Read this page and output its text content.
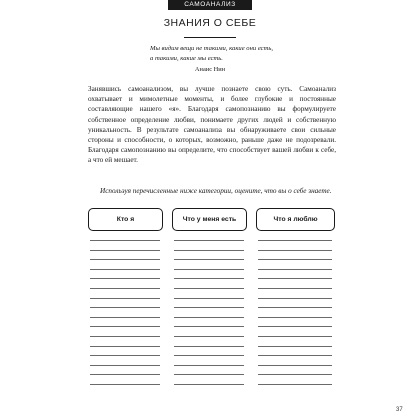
САМОАНАЛИЗ
ЗНАНИЯ О СЕБЕ
Мы видим вещи не такими, какие они есть, а такими, какие мы есть.
Анаис Нин

Занявшись самоанализом, вы лучше познаете свою суть. Самоанализ охватывает и мимолетные моменты, и более глубокие и постоянные составляющие нашего «я». Благодаря самопознанию вы формулируете собственное определение любви, понимаете других людей и собственную уникальность. В результате самоанализа вы обнаруживаете свои сильные стороны и способности, о которых, возможно, раньше даже не подозревали. Благодаря самопознанию вы определите, что способствует вашей любви к себе, а что ей мешает.

Используя перечисленные ниже категории, оцените, что вы о себе знаете.
Кто я	Что у меня есть	Что я люблю
37
